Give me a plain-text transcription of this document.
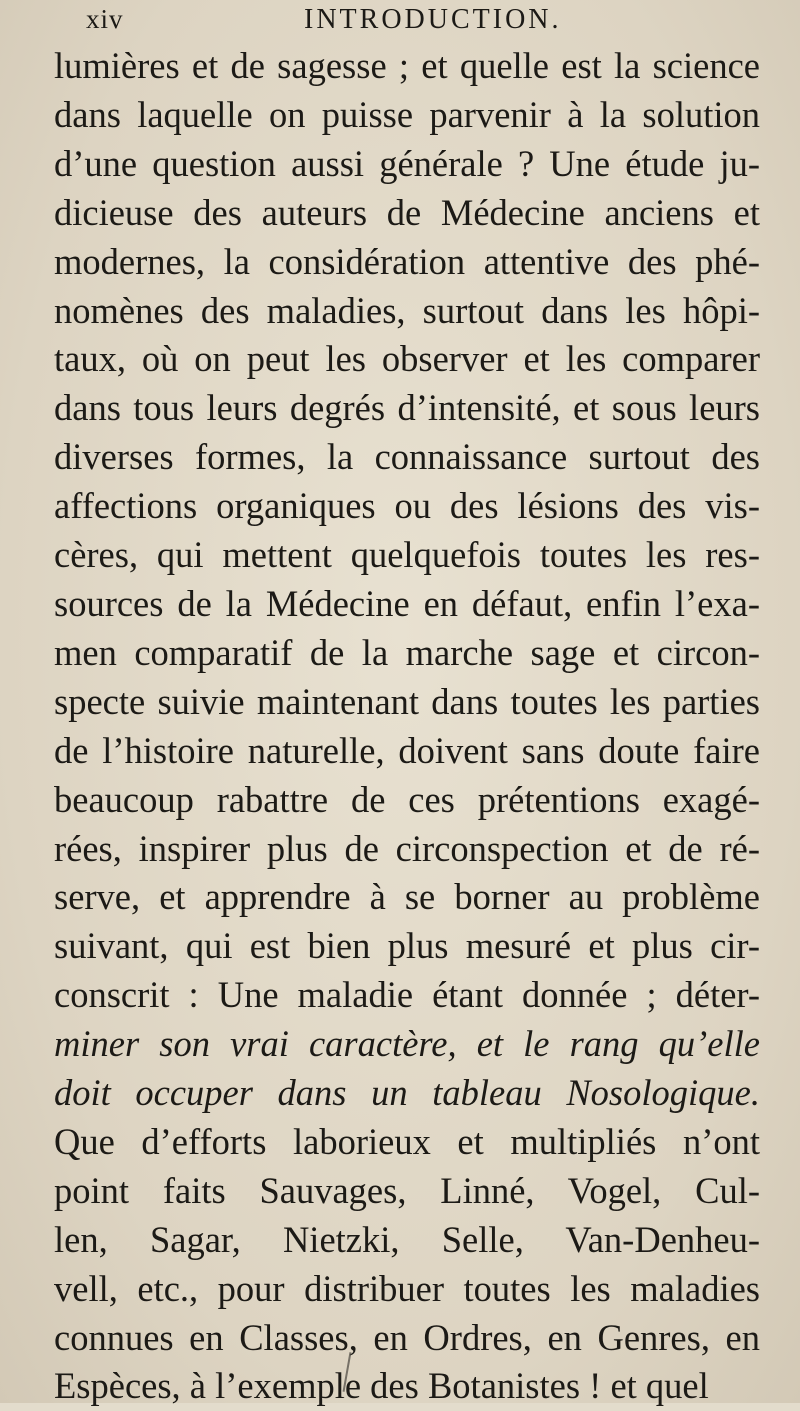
xiv	INTRODUCTION.
lumières et de sagesse ; et quelle est la science
dans laquelle on puisse parvenir à la solution
d’une question aussi générale ? Une étude ju-
dicieuse des auteurs de Médecine anciens et
modernes, la considération attentive des phé-
nomènes des maladies, surtout dans les hôpi-
taux, où on peut les observer et les comparer
dans tous leurs degrés d’intensité, et sous leurs
diverses formes, la connaissance surtout des
affections organiques ou des lésions des vis-
cères, qui mettent quelquefois toutes les res-
sources de la Médecine en défaut, enfin l’exa-
men comparatif de la marche sage et circon-
specte suivie maintenant dans toutes les parties
de l’histoire naturelle, doivent sans doute faire
beaucoup rabattre de ces prétentions exagé-
rées, inspirer plus de circonspection et de ré-
serve, et apprendre à se borner au problème
suivant, qui est bien plus mesuré et plus cir-
conscrit : Une maladie étant donnée ; déter-
miner son vrai caractère, et le rang qu’elle
doit occuper dans un tableau Nosologique.
Que d’efforts laborieux et multipliés n’ont
point faits Sauvages, Linné, Vogel, Cul-
len, Sagar, Nietzki, Selle, Van-Denheu-
vell, etc., pour distribuer toutes les maladies
connues en Classes, en Ordres, en Genres, en
Espèces, à l’exemple des Botanistes ! et quel
